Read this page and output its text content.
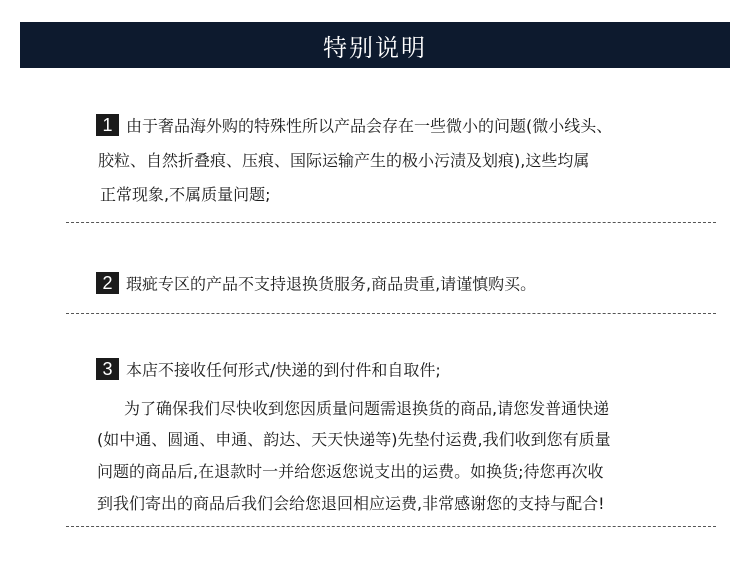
特别说明
1 由于奢品海外购的特殊性所以产品会存在一些微小的问题(微小线头、
胶粒、自然折叠痕、压痕、国际运输产生的极小污渍及划痕),这些均属
正常现象,不属质量问题;
2 瑕疵专区的产品不支持退换货服务,商品贵重,请谨慎购买。
3 本店不接收任何形式/快递的到付件和自取件;
为了确保我们尽快收到您因质量问题需退换货的商品,请您发普通快递
(如中通、圆通、申通、韵达、天天快递等)先垫付运费,我们收到您有质量
问题的商品后,在退款时一并给您返您说支出的运费。如换货;待您再次收
到我们寄出的商品后我们会给您退回相应运费,非常感谢您的支持与配合!
